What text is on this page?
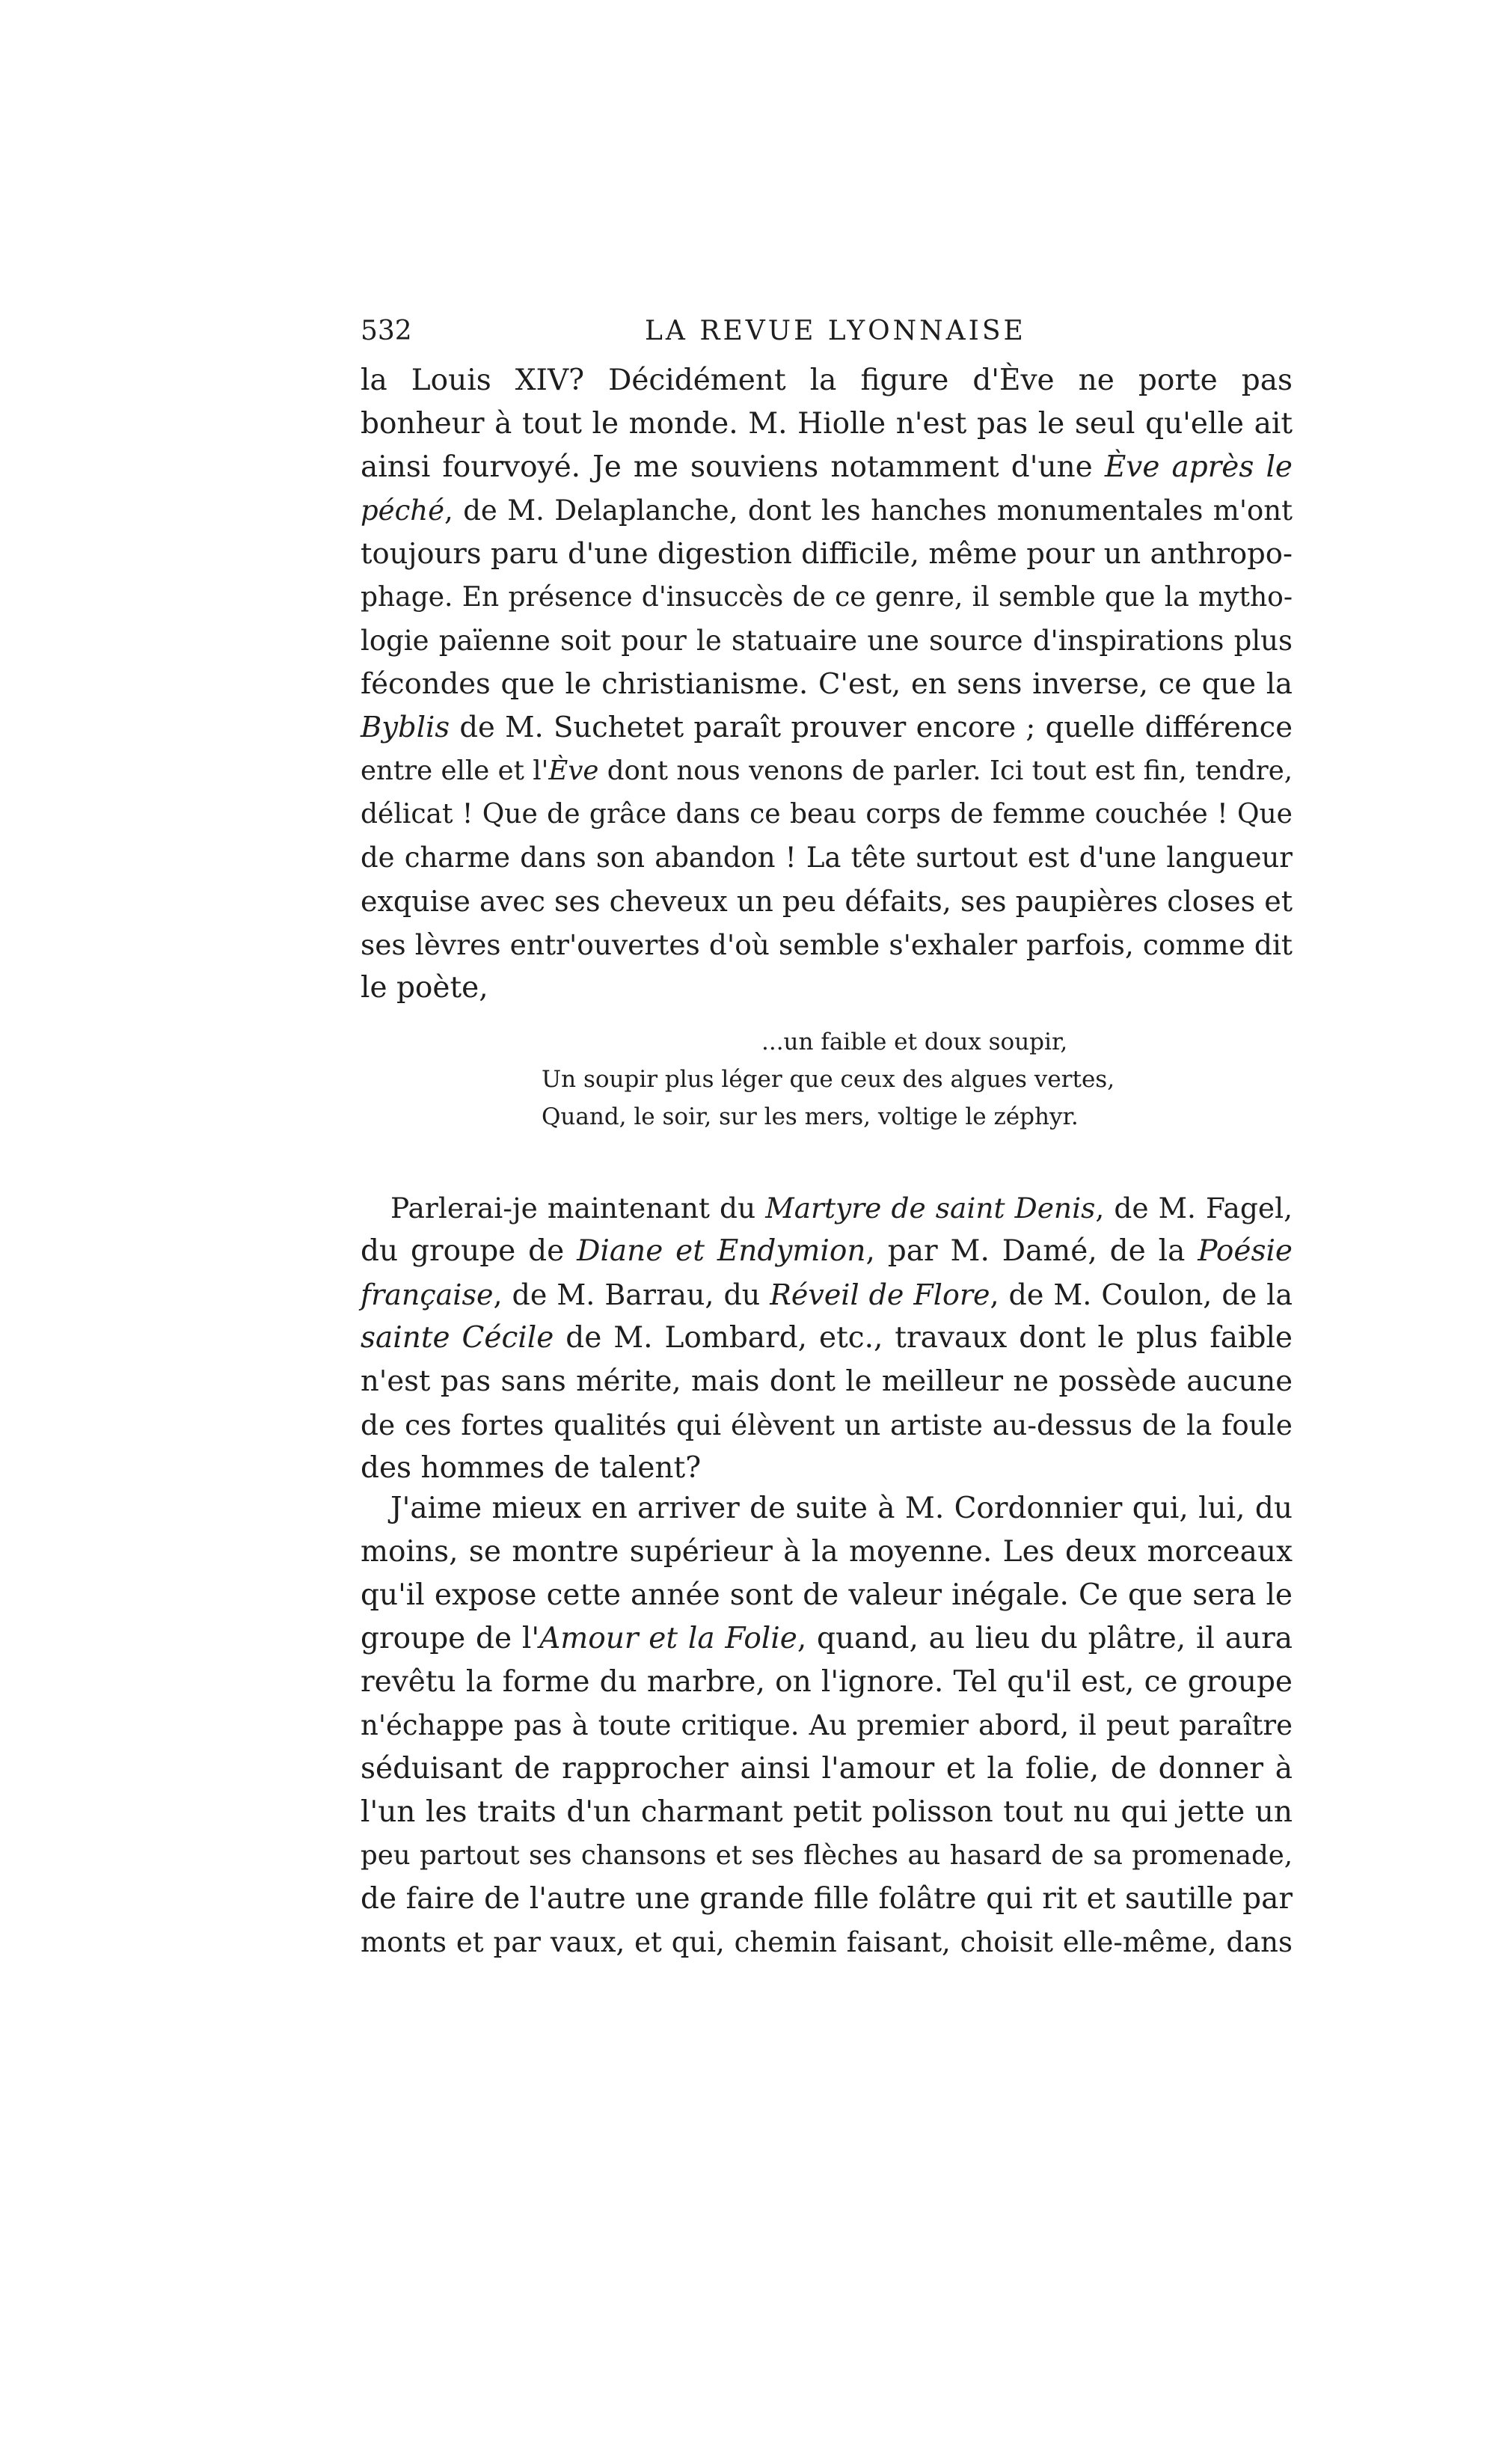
532	LA REVUE LYONNAISE
la Louis XIV? Décidément la figure d'Ève ne porte pas
bonheur à tout le monde. M. Hiolle n'est pas le seul qu'elle ait
ainsi fourvoyé. Je me souviens notamment d'une Ève après le
péché, de M. Delaplanche, dont les hanches monumentales m'ont
toujours paru d'une digestion difficile, même pour un anthropo-
phage. En présence d'insuccès de ce genre, il semble que la mytho-
logie païenne soit pour le statuaire une source d'inspirations plus
fécondes que le christianisme. C'est, en sens inverse, ce que la
Byblis de M. Suchetet paraît prouver encore ; quelle différence
entre elle et l'Ève dont nous venons de parler. Ici tout est fin, tendre,
délicat ! Que de grâce dans ce beau corps de femme couchée ! Que
de charme dans son abandon ! La tête surtout est d'une langueur
exquise avec ses cheveux un peu défaits, ses paupières closes et
ses lèvres entr'ouvertes d'où semble s'exhaler parfois, comme dit
le poète,
...un faible et doux soupir,
Un soupir plus léger que ceux des algues vertes,
Quand, le soir, sur les mers, voltige le zéphyr.
Parlerai-je maintenant du Martyre de saint Denis, de M. Fagel,
du groupe de Diane et Endymion, par M. Damé, de la Poésie
française, de M. Barrau, du Réveil de Flore, de M. Coulon, de la
sainte Cécile de M. Lombard, etc., travaux dont le plus faible
n'est pas sans mérite, mais dont le meilleur ne possède aucune
de ces fortes qualités qui élèvent un artiste au-dessus de la foule
des hommes de talent?
J'aime mieux en arriver de suite à M. Cordonnier qui, lui, du
moins, se montre supérieur à la moyenne. Les deux morceaux
qu'il expose cette année sont de valeur inégale. Ce que sera le
groupe de l'Amour et la Folie, quand, au lieu du plâtre, il aura
revêtu la forme du marbre, on l'ignore. Tel qu'il est, ce groupe
n'échappe pas à toute critique. Au premier abord, il peut paraître
séduisant de rapprocher ainsi l'amour et la folie, de donner à
l'un les traits d'un charmant petit polisson tout nu qui jette un
peu partout ses chansons et ses flèches au hasard de sa promenade,
de faire de l'autre une grande fille folâtre qui rit et sautille par
monts et par vaux, et qui, chemin faisant, choisit elle-même, dans
